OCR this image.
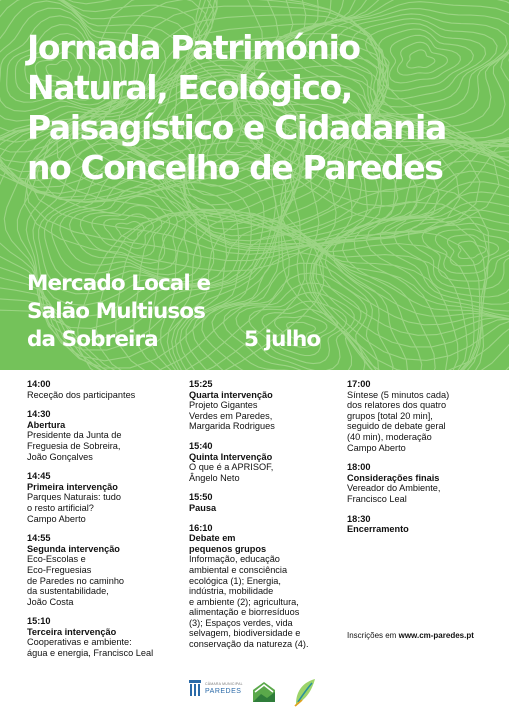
Jornada Património
Natural, Ecológico,
Paisagístico e Cidadania
no Concelho de Paredes
Mercado Local e
Salão Multiusos
da Sobreira	5 julho
14:00
Receção dos participantes
14:30
Abertura
Presidente da Junta de
Freguesia de Sobreira,
João Gonçalves
14:45
Primeira intervenção
Parques Naturais: tudo
o resto artificial?
Campo Aberto
14:55
Segunda intervenção
Eco-Escolas e
Eco-Freguesias
de Paredes no caminho
da sustentabilidade,
João Costa
15:10
Terceira intervenção
Cooperativas e ambiente:
água e energia, Francisco Leal
15:25
Quarta intervenção
Projeto Gigantes
Verdes em Paredes,
Margarida Rodrigues
15:40
Quinta Intervenção
O que é a APRISOF,
Ângelo Neto
15:50
Pausa
16:10
Debate em
pequenos grupos
Informação, educação
ambiental e consciência
ecológica (1); Energia,
indústria, mobilidade
e ambiente (2); agricultura,
alimentação e biorresíduos
(3); Espaços verdes, vida
selvagem, biodiversidade e
conservação da natureza (4).
17:00
Síntese (5 minutos cada)
dos relatores dos quatro
grupos [total 20 min],
seguido de debate geral
(40 min), moderação
Campo Aberto
18:00
Considerações finais
Vereador do Ambiente,
Francisco Leal
18:30
Encerramento
Inscrições em www.cm-paredes.pt
CÂMARA MUNICIPAL
PAREDES
